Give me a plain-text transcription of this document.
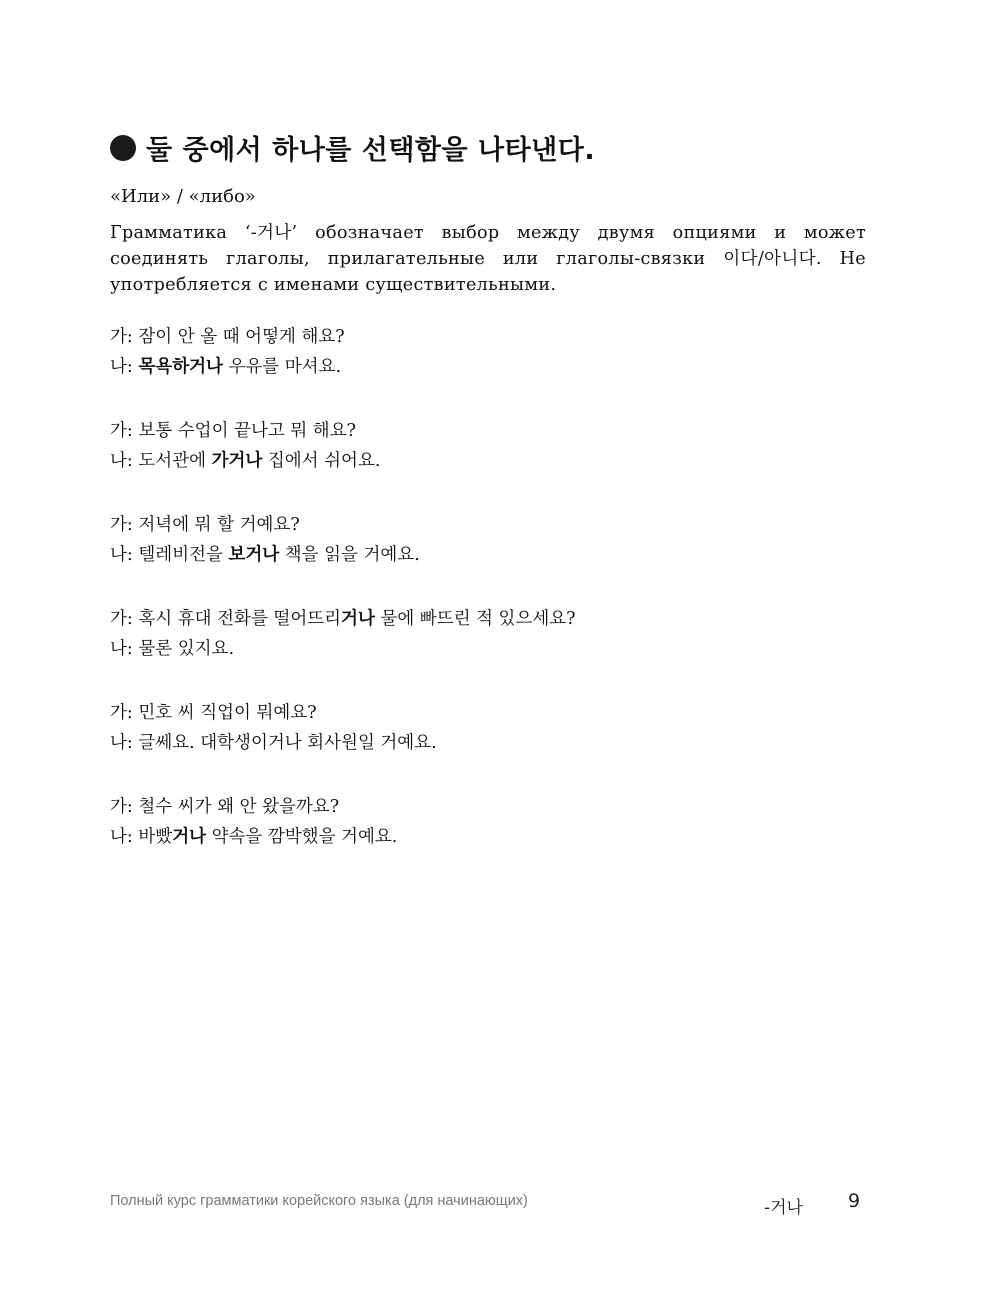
둘 중에서 하나를 선택함을 나타낸다.
«Или» / «либо»
Грамматика ‘-거나’ обозначает выбор между двумя опциями и может соединять глаголы, прилагательные или глаголы-связки 이다/아니다. Не употребляется с именами существительными.
가: 잠이 안 올 때 어떻게 해요?
나: 목욕하거나 우유를 마셔요.
가: 보통 수업이 끝나고 뭐 해요?
나: 도서관에 가거나 집에서 쉬어요.
가: 저녁에 뭐 할 거예요?
나: 텔레비전을 보거나 책을 읽을 거예요.
가: 혹시 휴대 전화를 떨어뜨리거나 물에 빠뜨린 적 있으세요?
나: 물론 있지요.
가: 민호 씨 직업이 뭐예요?
나: 글쎄요. 대학생이거나 회사원일 거예요.
가: 철수 씨가 왜 안 왔을까요?
나: 바빴거나 약속을 깜박했을 거예요.
Полный курс грамматики корейского языка (для начинающих)	-거나 9
